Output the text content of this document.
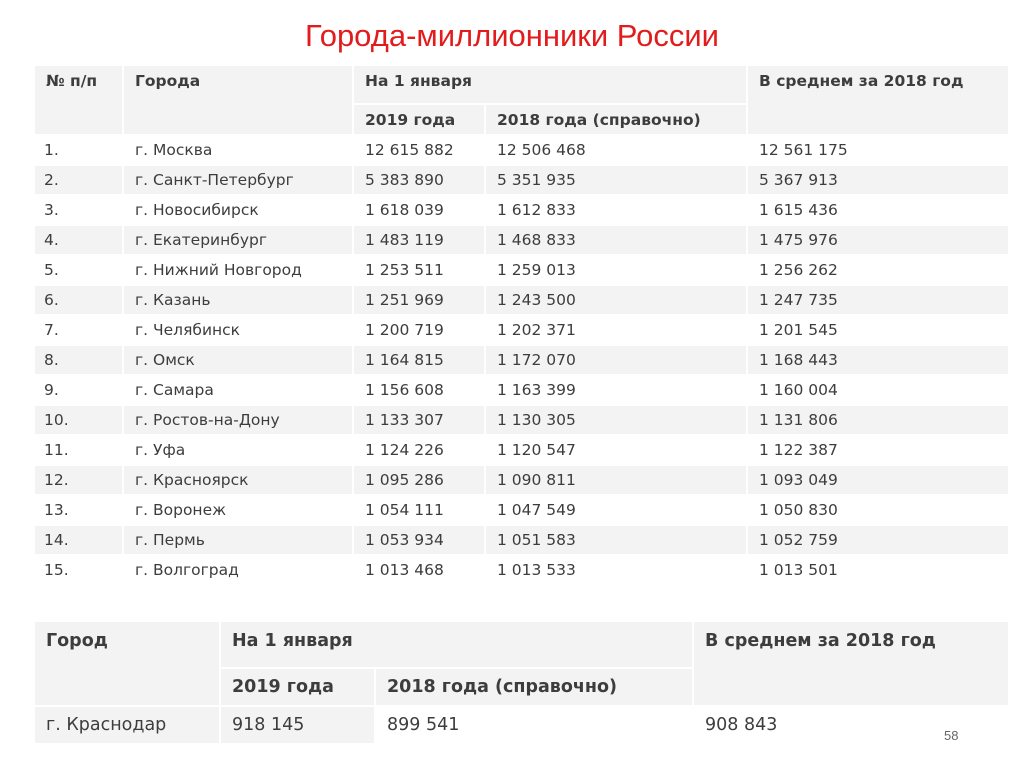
Города-миллионники России
№ п/п	Города	На 1 января		В среднем за 2018 год
		2019 года	2018 года (справочно)	
1.	г. Москва	12 615 882	12 506 468	12 561 175
2.	г. Санкт-Петербург	5 383 890	5 351 935	5 367 913
3.	г. Новосибирск	1 618 039	1 612 833	1 615 436
4.	г. Екатеринбург	1 483 119	1 468 833	1 475 976
5.	г. Нижний Новгород	1 253 511	1 259 013	1 256 262
6.	г. Казань	1 251 969	1 243 500	1 247 735
7.	г. Челябинск	1 200 719	1 202 371	1 201 545
8.	г. Омск	1 164 815	1 172 070	1 168 443
9.	г. Самара	1 156 608	1 163 399	1 160 004
10.	г. Ростов-на-Дону	1 133 307	1 130 305	1 131 806
11.	г. Уфа	1 124 226	1 120 547	1 122 387
12.	г. Красноярск	1 095 286	1 090 811	1 093 049
13.	г. Воронеж	1 054 111	1 047 549	1 050 830
14.	г. Пермь	1 053 934	1 051 583	1 052 759
15.	г. Волгоград	1 013 468	1 013 533	1 013 501
Город	На 1 января		В среднем за 2018 год
	2019 года	2018 года (справочно)	
г. Краснодар	918 145	899 541	908 843
58
